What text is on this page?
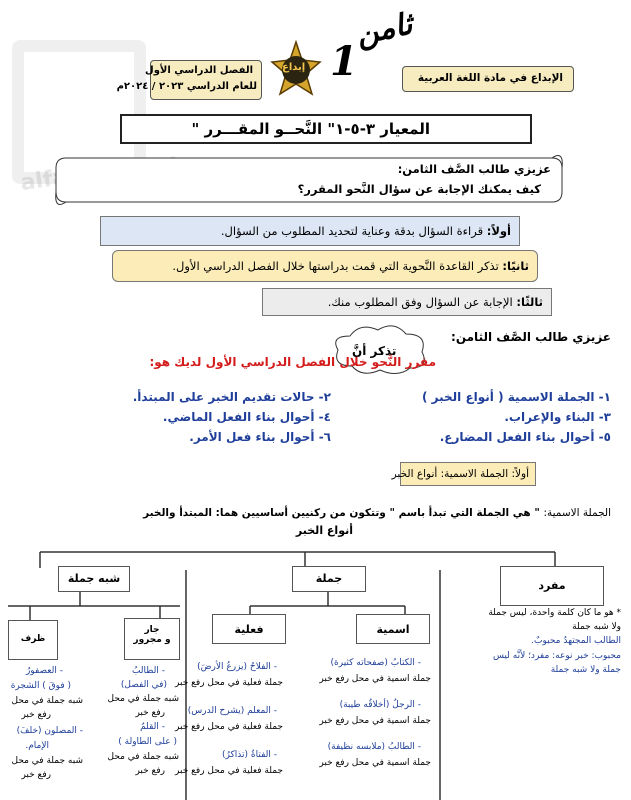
الفصل الدراسي الأول
للعام الدراسي ٢٠٢٣ / ٢٠٢٤م
إبداع 1
ثامن
الإبداع في مادة اللغة العربية
المعيار ٣-٥-١" النَّحــو المقـــرر "
عزيزي طالب الصَّف الثامن:
كيف يمكنك الإجابة عن سؤال النَّحو المقرر؟
أولاً: قراءة السؤال بدقة وعناية لتحديد المطلوب من السؤال.
ثانيًا: تذكر القاعدة النَّحوية التي قمت بدراستها خلال الفصل الدراسي الأول.
ثالثًا: الإجابة عن السؤال وفق المطلوب منك.
عزيزي طالب الصَّف الثامن:
تذكر أنَّ
مقرر النَّحو خلال الفصل الدراسي الأول لديك هو:
١- الجملة الاسمية ( أنواع الخبر )
٢- حالات تقديم الخبر على المبتدأ.
٣- البناء والإعراب.
٤- أحوال بناء الفعل الماضي.
٥- أحوال بناء الفعل المضارع.
٦- أحوال بناء فعل الأمر.
أولاً: الجملة الاسمية: أنواع الخبر
الجملة الاسمية: " هي الجملة التي تبدأ باسم " وتتكون من ركنيين أساسيين هما: المبتدأ والخبر
أنواع الخبر
مفرد
جملة
شبه جملة
اسمية
فعلية
جار
و مجرور
ظرف
* هو ما كان كلمة واحدة، ليس جملة
ولا شبه جملة
الطالب المجتهدُ محبوبٌ.
محبوب: خبر نوعه: مفرد؛ لأنَّه ليس
جملة ولا شبه جملة
- الكتابُ (صفحاته كثيرة)
جملة اسمية في محل رفع خبر
- الرجلُ (أخلاقُه طيبة)
جملة اسمية في محل رفع خبر
- الطالبُ (ملابسه نظيفة)
جملة اسمية في محل رفع خبر
- الفلاحُ (يزرعُ الأرضَ)
جملة فعلية في محل رفع خبر
- المعلم (يشرح الدرس)
جملة فعلية في محل رفع خبر
- الفتاةُ (تذاكرُ)
جملة فعلية في محل رفع خبر
- الطالبُ
(في الفصل)
شبه جملة في محل
رفع خبر
- القلمُ
( على الطاولة )
شبه جملة في محل
رفع خبر
- العصفورُ
( فوقَ ) الشجرة
شبه جملة في محل
رفع خبر
- المصلون (خلفَ)
الإمام.
شبه جملة في محل
رفع خبر
